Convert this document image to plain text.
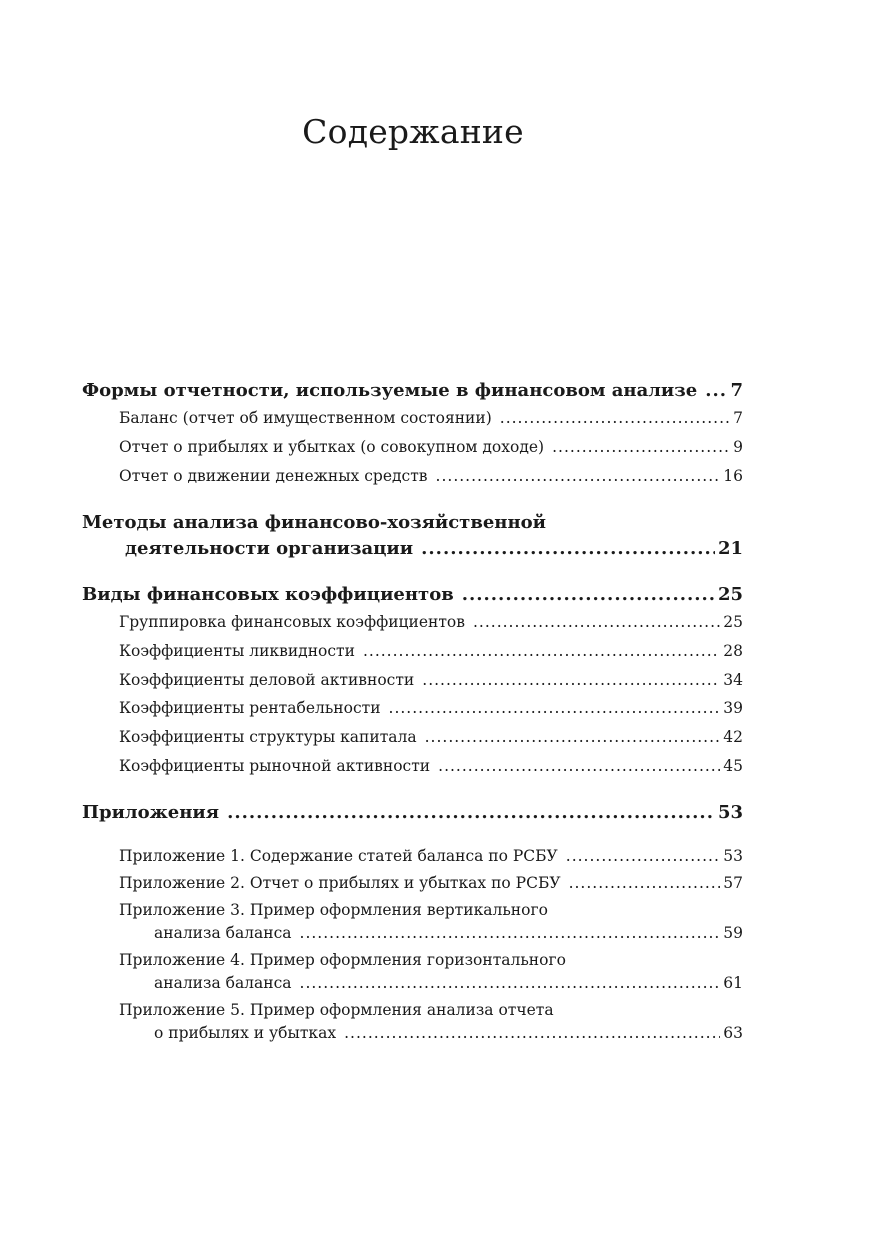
Содержание
Формы отчетности, используемые в финансовом анализе ..... 7
Баланс (отчет об имущественном состоянии) .....	7
Отчет о прибылях и убытках (о совокупном доходе) .....	9
Отчет о движении денежных средств .....	16
Методы анализа финансово-хозяйственной
деятельности организации .....	21
Виды финансовых коэффициентов .....	25
Группировка финансовых коэффициентов .....	25
Коэффициенты ликвидности .....	28
Коэффициенты деловой активности .....	34
Коэффициенты рентабельности .....	39
Коэффициенты структуры капитала .....	42
Коэффициенты рыночной активности .....	45
Приложения .....	53
Приложение 1. Содержание статей баланса по РСБУ .....	53
Приложение 2. Отчет о прибылях и убытках по РСБУ .....	57
Приложение 3. Пример оформления вертикального
анализа баланса .....	59
Приложение 4. Пример оформления горизонтального
анализа баланса .....	61
Приложение 5. Пример оформления анализа отчета
о прибылях и убытках .....	63
